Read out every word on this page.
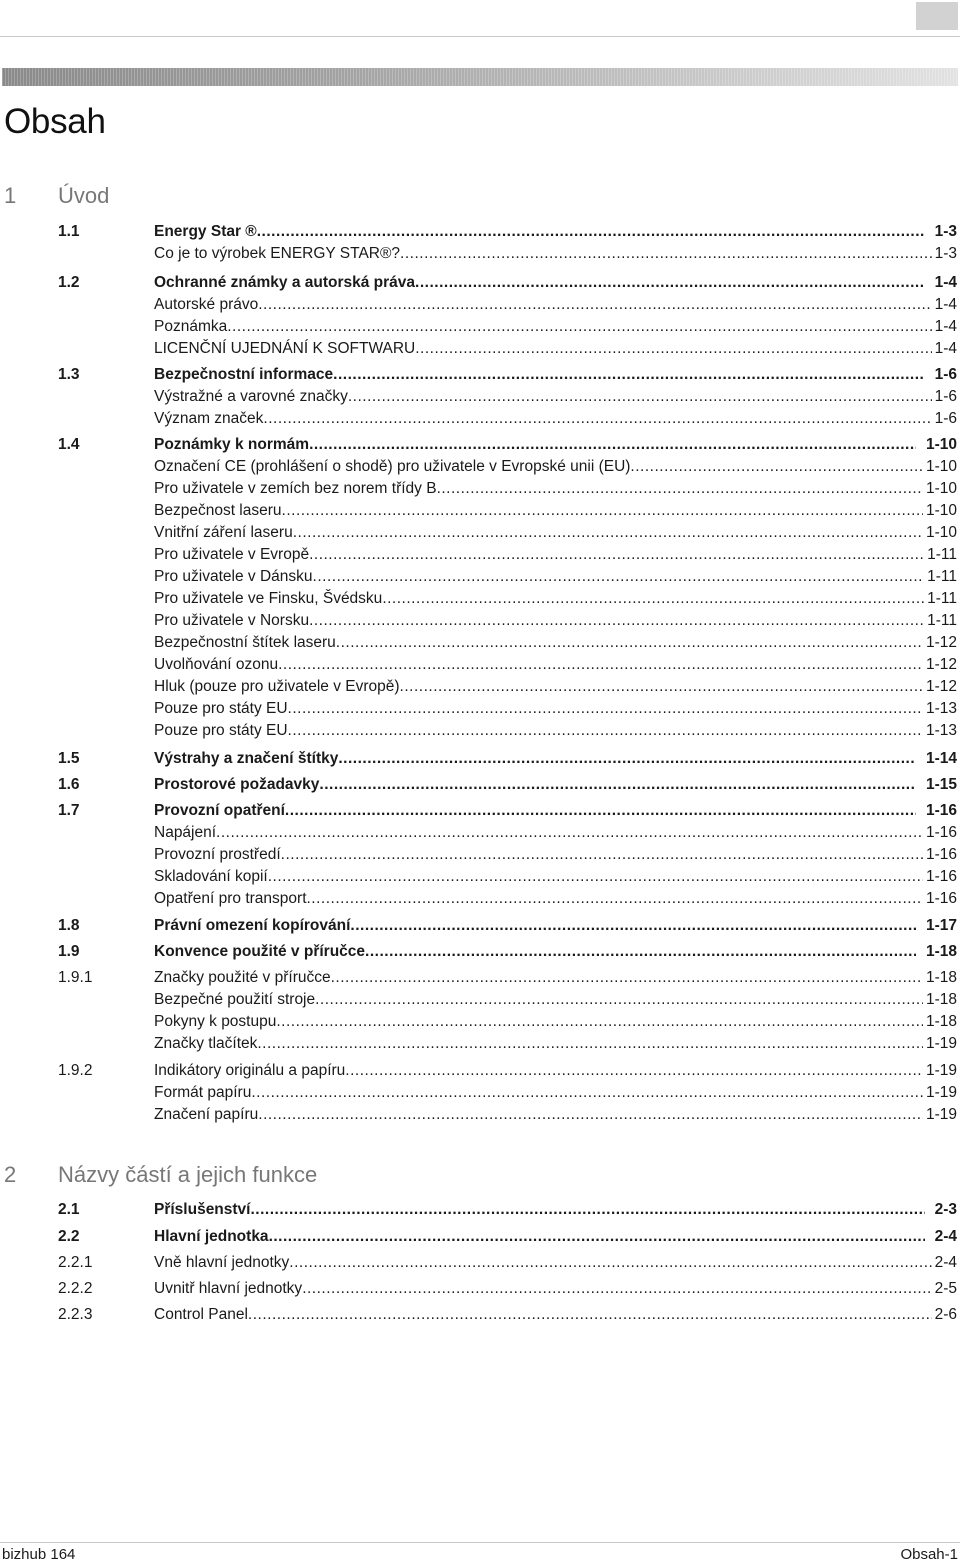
Obsah
1 Úvod
1.1	Energy Star ® .....	1-3
Co je to výrobek ENERGY STAR®? .....	1-3
1.2	Ochranné známky a autorská práva .....	1-4
Autorské právo .....	1-4
Poznámka .....	1-4
LICENČNÍ UJEDNÁNÍ K SOFTWARU .....	1-4
1.3	Bezpečnostní informace .....	1-6
Výstražné a varovné značky .....	1-6
Význam značek .....	1-6
1.4	Poznámky k normám .....	1-10
Označení CE (prohlášení o shodě) pro uživatele v Evropské unii (EU) .....	1-10
Pro uživatele v zemích bez norem třídy B .....	1-10
Bezpečnost laseru .....	1-10
Vnitřní záření laseru .....	1-10
Pro uživatele v Evropě .....	1-11
Pro uživatele v Dánsku .....	1-11
Pro uživatele ve Finsku, Švédsku .....	1-11
Pro uživatele v Norsku .....	1-11
Bezpečnostní štítek laseru .....	1-12
Uvolňování ozonu .....	1-12
Hluk (pouze pro uživatele v Evropě) .....	1-12
Pouze pro státy EU .....	1-13
Pouze pro státy EU .....	1-13
1.5	Výstrahy a značení štítky .....	1-14
1.6	Prostorové požadavky .....	1-15
1.7	Provozní opatření .....	1-16
Napájení .....	1-16
Provozní prostředí .....	1-16
Skladování kopií .....	1-16
Opatření pro transport .....	1-16
1.8	Právní omezení kopírování .....	1-17
1.9	Konvence použité v příručce .....	1-18
1.9.1	Značky použité v příručce .....	1-18
Bezpečné použití stroje .....	1-18
Pokyny k postupu .....	1-18
Značky tlačítek .....	1-19
1.9.2	Indikátory originálu a papíru .....	1-19
Formát papíru .....	1-19
Značení papíru .....	1-19
2 Názvy částí a jejich funkce
2.1	Příslušenství .....	2-3
2.2	Hlavní jednotka .....	2-4
2.2.1	Vně hlavní jednotky .....	2-4
2.2.2	Uvnitř hlavní jednotky .....	2-5
2.2.3	Control Panel .....	2-6
bizhub 164	Obsah-1
